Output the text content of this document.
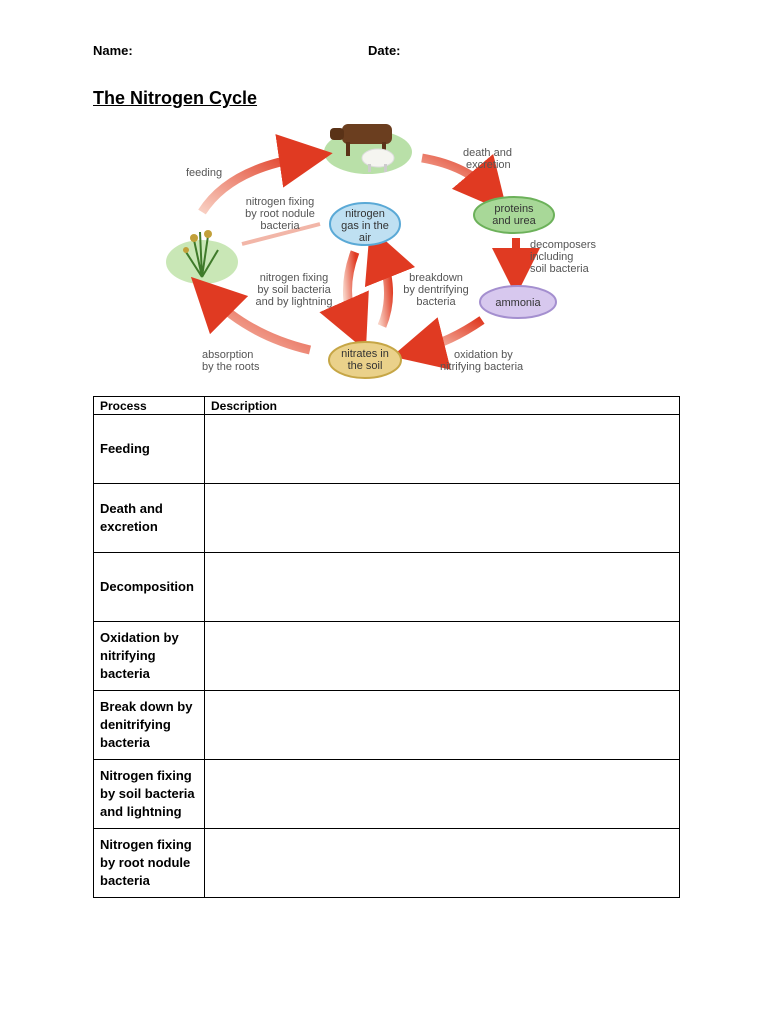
Name:	Date:
The Nitrogen Cycle
nitrogen
gas in the
air
proteins
and urea
ammonia
nitrates in
the soil
feeding
death and
excretion
decomposers
including
soil bacteria
oxidation by
nitrifying bacteria
absorption
by the roots
nitrogen fixing
by root nodule
bacteria
nitrogen fixing
by soil bacteria
and by lightning
breakdown
by dentrifying
bacteria
Process	Description
Feeding	
Death and
excretion	
Decomposition	
Oxidation by
nitrifying
bacteria	
Break down by
denitrifying
bacteria	
Nitrogen fixing
by soil bacteria
and lightning	
Nitrogen fixing
by root nodule
bacteria	
